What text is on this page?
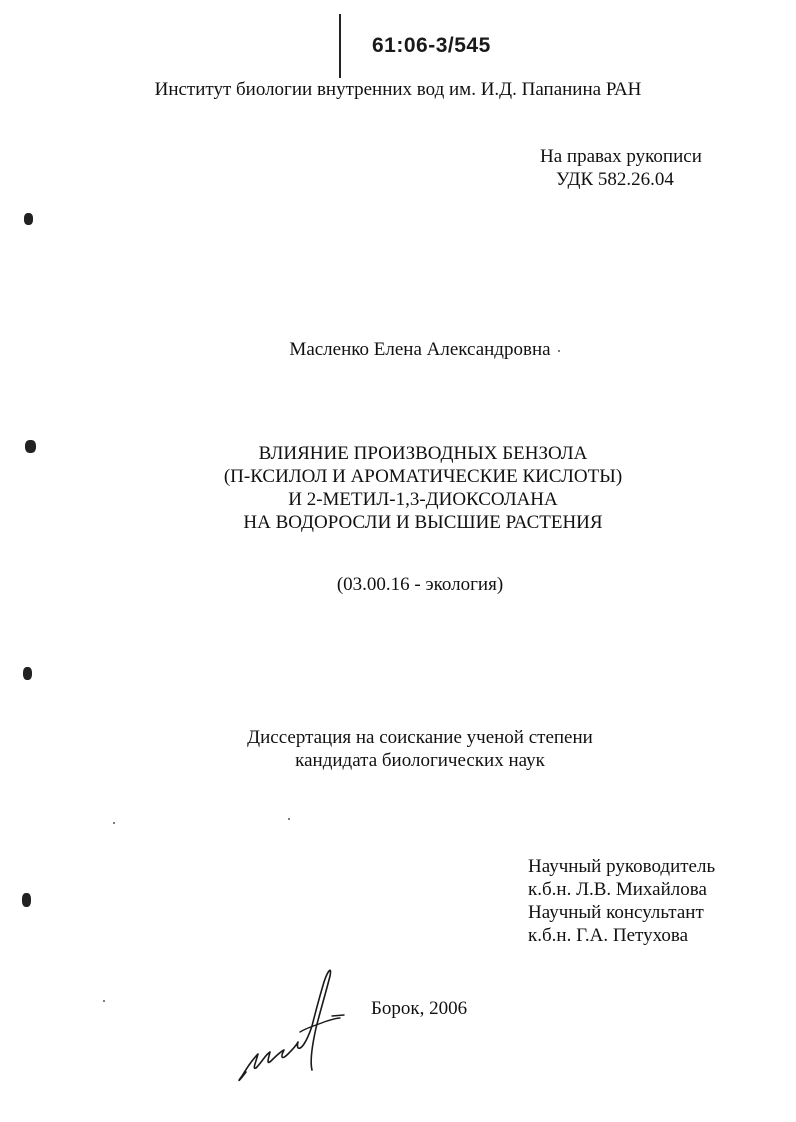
61:06-3/545
Институт биологии внутренних вод им. И.Д. Папанина РАН
На правах рукописи
УДК 582.26.04
Масленко Елена Александровна
ВЛИЯНИЕ ПРОИЗВОДНЫХ БЕНЗОЛА
(П-КСИЛОЛ И АРОМАТИЧЕСКИЕ КИСЛОТЫ)
И 2-МЕТИЛ-1,3-ДИОКСОЛАНА
НА ВОДОРОСЛИ И ВЫСШИЕ РАСТЕНИЯ
(03.00.16 - экология)
Диссертация на соискание ученой степени
кандидата биологических наук
Научный руководитель
к.б.н. Л.В. Михайлова
Научный консультант
к.б.н. Г.А. Петухова
Борок, 2006
